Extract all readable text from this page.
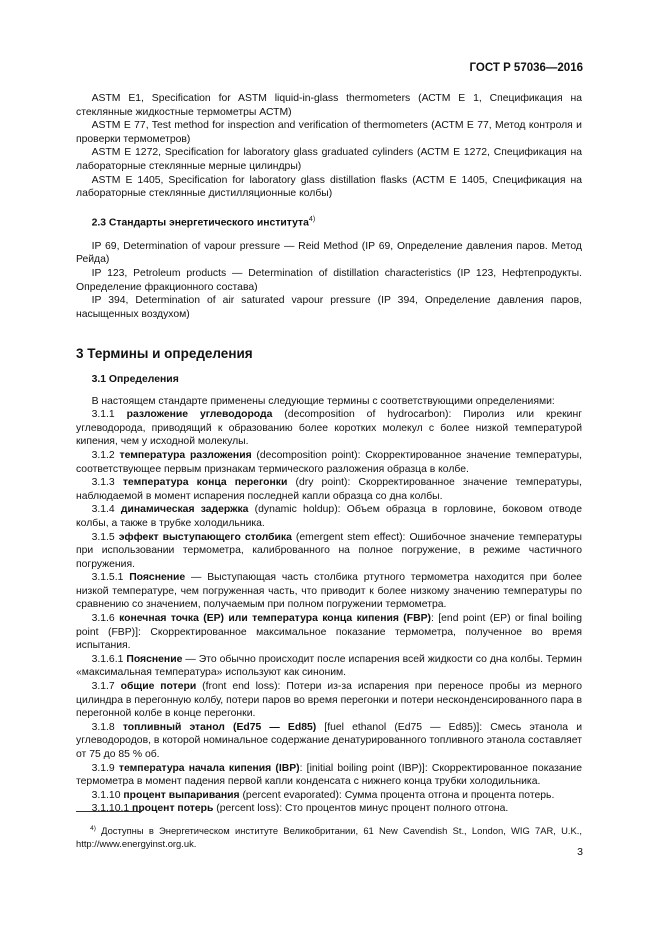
ГОСТ Р 57036—2016

ASTM E1, Specification for ASTM liquid-in-glass thermometers (АСТМ Е 1, Спецификация на стеклянные жидкостные термометры АСТМ)

ASTM E 77, Test method for inspection and verification of thermometers (АСТМ Е 77, Метод контроля и проверки термометров)

ASTM E 1272, Specification for laboratory glass graduated cylinders (АСТМ Е 1272, Спецификация на лабораторные стеклянные мерные цилиндры)

ASTM E 1405, Specification for laboratory glass distillation flasks (АСТМ Е 1405, Спецификация на лабораторные стеклянные дистилляционные колбы)

2.3 Стандарты энергетического института$^{4)}$

IP 69, Determination of vapour pressure — Reid Method (IP 69, Определение давления паров. Метод Рейда)

IP 123, Petroleum products — Determination of distillation characteristics (IP 123, Нефтепродукты. Определение фракционного состава)

IP 394, Determination of air saturated vapour pressure (IP 394, Определение давления паров, насыщенных воздухом)

3 Термины и определения

3.1 Определения

В настоящем стандарте применены следующие термины с соответствующими определениями:

3.1.1 разложение углеводорода (decomposition of hydrocarbon): Пиролиз или крекинг углеводорода, приводящий к образованию более коротких молекул с более низкой температурой кипения, чем у исходной молекулы.

3.1.2 температура разложения (decomposition point): Скорректированное значение температуры, соответствующее первым признакам термического разложения образца в колбе.

3.1.3 температура конца перегонки (dry point): Скорректированное значение температуры, наблюдаемой в момент испарения последней капли образца со дна колбы.

3.1.4 динамическая задержка (dynamic holdup): Объем образца в горловине, боковом отводе колбы, а также в трубке холодильника.

3.1.5 эффект выступающего столбика (emergent stem effect): Ошибочное значение температуры при использовании термометра, калиброванного на полное погружение, в режиме частичного погружения.

3.1.5.1 Пояснение — Выступающая часть столбика ртутного термометра находится при более низкой температуре, чем погруженная часть, что приводит к более низкому значению температуры по сравнению со значением, получаемым при полном погружении термометра.

3.1.6 конечная точка (EP) или температура конца кипения (FBP): [end point (EP) or final boiling point (FBP)]: Скорректированное максимальное показание термометра, полученное во время испытания.

3.1.6.1 Пояснение — Это обычно происходит после испарения всей жидкости со дна колбы. Термин «максимальная температура» используют как синоним.

3.1.7 общие потери (front end loss): Потери из-за испарения при переносе пробы из мерного цилиндра в перегонную колбу, потери паров во время перегонки и потери несконденсированного пара в перегонной колбе в конце перегонки.

3.1.8 топливный этанол (Ed75 — Ed85) [fuel ethanol (Ed75 — Ed85)]: Смесь этанола и углеводородов, в которой номинальное содержание денатурированного топливного этанола составляет от 75 до 85 % об.

3.1.9 температура начала кипения (IBP): [initial boiling point (IBP)]: Скорректированное показание термометра в момент падения первой капли конденсата с нижнего конца трубки холодильника.

3.1.10 процент выпаривания (percent evaporated): Сумма процента отгона и процента потерь.

3.1.10.1 процент потерь (percent loss): Сто процентов минус процент полного отгона.

$^{4)}$ Доступны в Энергетическом институте Великобритании, 61 New Cavendish St., London, WIG 7AR, U.K., http://www.energyinst.org.uk.

3
